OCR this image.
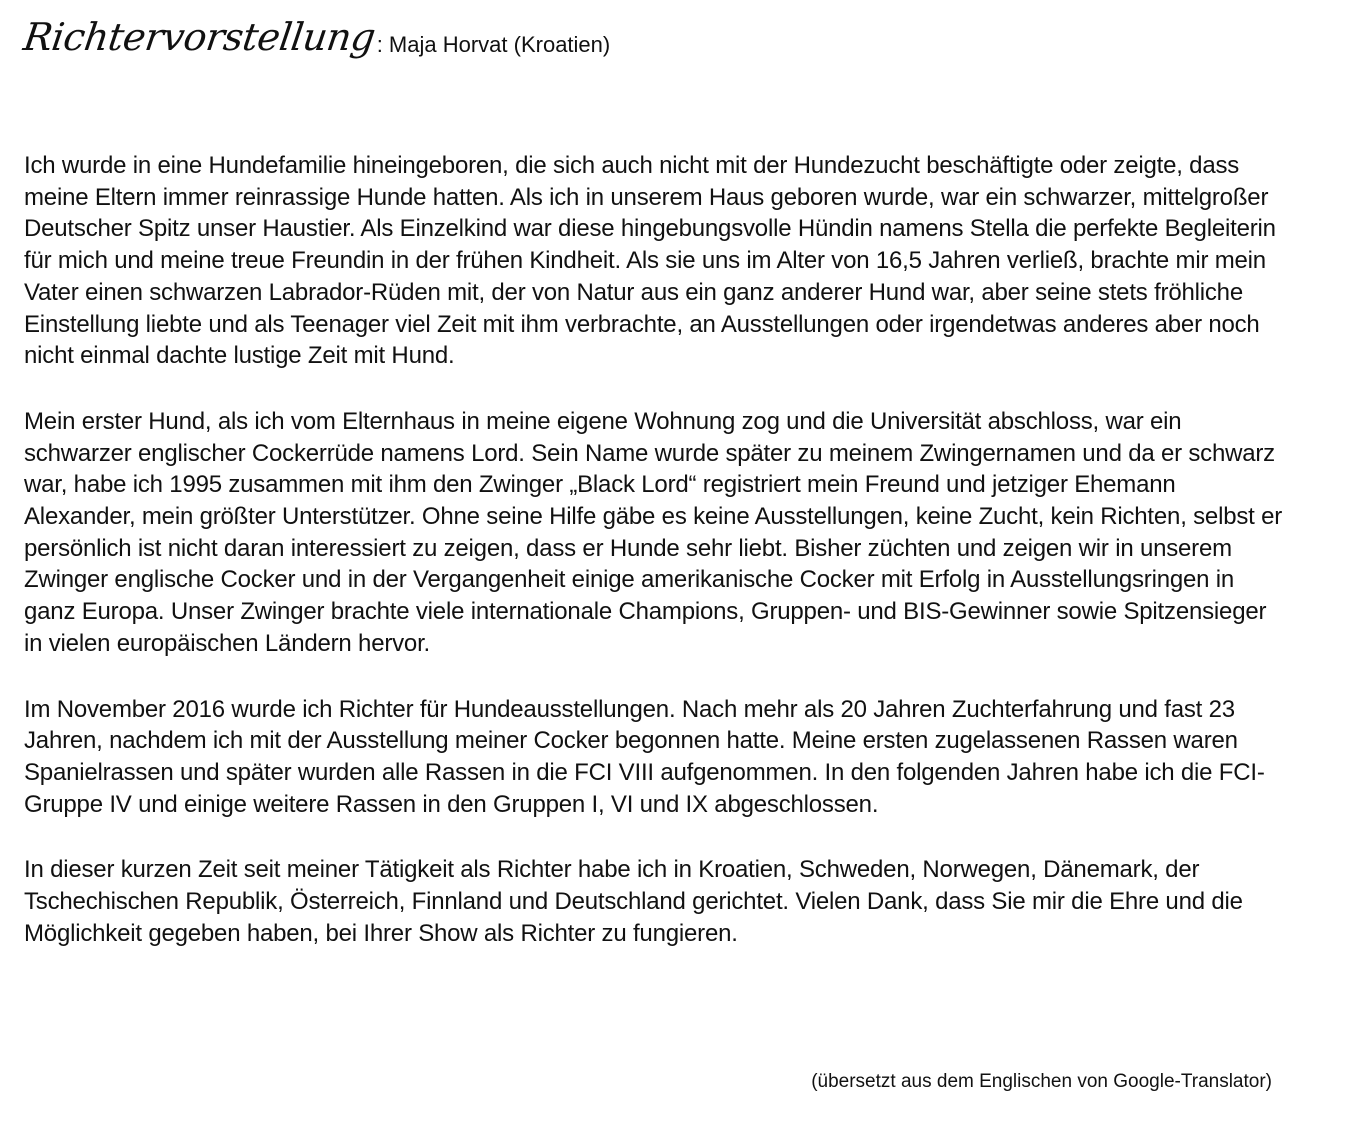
Richtervorstellung
: Maja Horvat (Kroatien)

Ich wurde in eine Hundefamilie hineingeboren, die sich auch nicht mit der Hundezucht beschäftigte oder zeigte, dass meine Eltern immer reinrassige Hunde hatten. Als ich in unserem Haus geboren wurde, war ein schwarzer, mittelgroßer Deutscher Spitz unser Haustier. Als Einzelkind war diese hingebungsvolle Hündin namens Stella die perfekte Begleiterin für mich und meine treue Freundin in der frühen Kindheit. Als sie uns im Alter von 16,5 Jahren verließ, brachte mir mein Vater einen schwarzen Labrador-Rüden mit, der von Natur aus ein ganz anderer Hund war, aber seine stets fröhliche Einstellung liebte und als Teenager viel Zeit mit ihm verbrachte, an Ausstellungen oder irgendetwas anderes aber noch nicht einmal dachte lustige Zeit mit Hund.

Mein erster Hund, als ich vom Elternhaus in meine eigene Wohnung zog und die Universität abschloss, war ein schwarzer englischer Cockerrüde namens Lord. Sein Name wurde später zu meinem Zwingernamen und da er schwarz war, habe ich 1995 zusammen mit ihm den Zwinger „Black Lord“ registriert mein Freund und jetziger Ehemann Alexander, mein größter Unterstützer. Ohne seine Hilfe gäbe es keine Ausstellungen, keine Zucht, kein Richten, selbst er persönlich ist nicht daran interessiert zu zeigen, dass er Hunde sehr liebt. Bisher züchten und zeigen wir in unserem Zwinger englische Cocker und in der Vergangenheit einige amerikanische Cocker mit Erfolg in Ausstellungsringen in ganz Europa. Unser Zwinger brachte viele internationale Champions, Gruppen- und BIS-Gewinner sowie Spitzensieger in vielen europäischen Ländern hervor.

Im November 2016 wurde ich Richter für Hundeausstellungen. Nach mehr als 20 Jahren Zuchterfahrung und fast 23 Jahren, nachdem ich mit der Ausstellung meiner Cocker begonnen hatte. Meine ersten zugelassenen Rassen waren Spanielrassen und später wurden alle Rassen in die FCI VIII aufgenommen. In den folgenden Jahren habe ich die FCI-Gruppe IV und einige weitere Rassen in den Gruppen I, VI und IX abgeschlossen.

In dieser kurzen Zeit seit meiner Tätigkeit als Richter habe ich in Kroatien, Schweden, Norwegen, Dänemark, der Tschechischen Republik, Österreich, Finnland und Deutschland gerichtet. Vielen Dank, dass Sie mir die Ehre und die Möglichkeit gegeben haben, bei Ihrer Show als Richter zu fungieren.

(übersetzt aus dem Englischen von Google-Translator)
